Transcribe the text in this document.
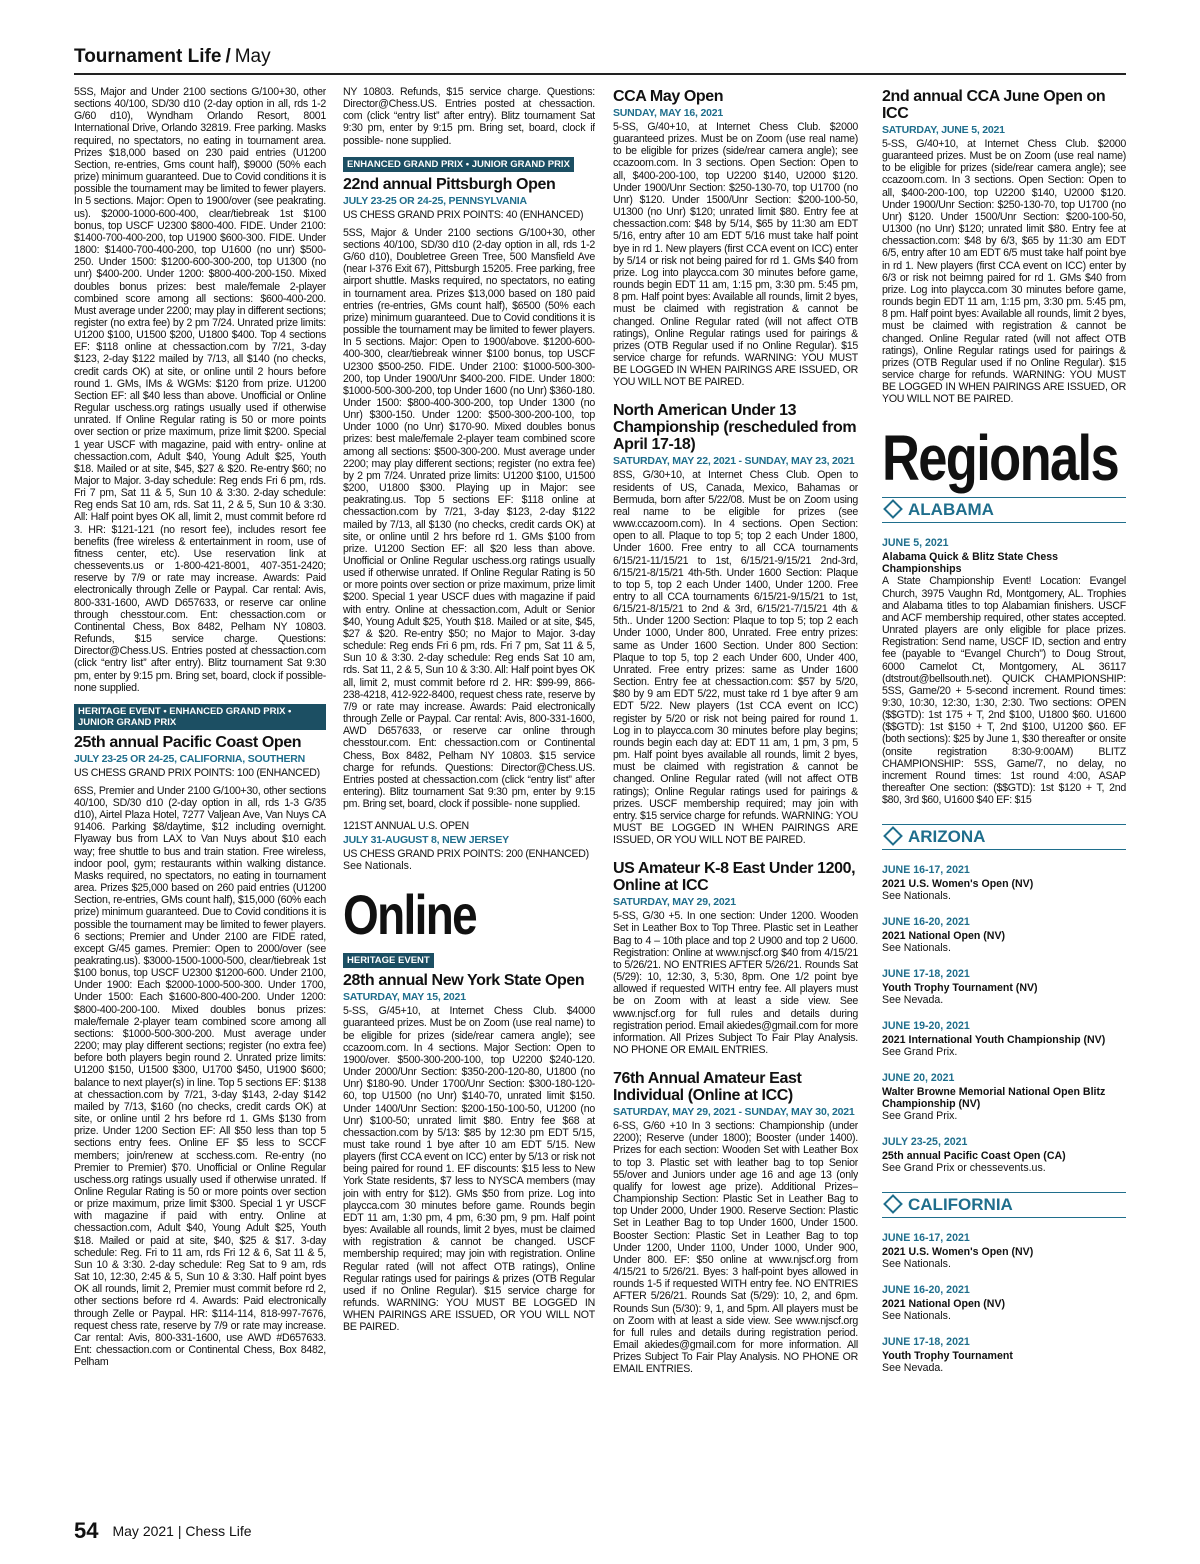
Tournament Life / May

5SS, Major and Under 2100 sections G/100+30, other sections 40/100, SD/30 d10 (2-day option in all, rds 1-2 G/60 d10), Wyndham Orlando Resort, 8001 International Drive, Orlando 32819. Free parking. Masks required, no spectators, no eating in tournament area. Prizes $18,000 based on 230 paid entries (U1200 Section, re-entries, Gms count half), $9000 (50% each prize) minimum guaranteed. Due to Covid conditions it is possible the tournament may be limited to fewer players. In 5 sections. Major: Open to 1900/over (see peakrating. us). $2000-1000-600-400, clear/tiebreak 1st $100 bonus, top USCF U2300 $800-400. FIDE. Under 2100: $1400-700-400-200, top U1900 $600-300. FIDE. Under 1800: $1400-700-400-200, top U1600 (no unr) $500-250. Under 1500: $1200-600-300-200, top U1300 (no unr) $400-200. Under 1200: $800-400-200-150. Mixed doubles bonus prizes: best male/female 2-player combined score among all sections: $600-400-200. Must average under 2200; may play in different sections; register (no extra fee) by 2 pm 7/24. Unrated prize limits: U1200 $100, U1500 $200, U1800 $400. Top 4 sections EF: $118 online at chessaction.com by 7/21, 3-day $123, 2-day $122 mailed by 7/13, all $140 (no checks, credit cards OK) at site, or online until 2 hours before round 1. GMs, IMs & WGMs: $120 from prize. U1200 Section EF: all $40 less than above. Unofficial or Online Regular uschess.org ratings usually used if otherwise unrated. If Online Regular rating is 50 or more points over section or prize maximum, prize limit $200. Special 1 year USCF with magazine, paid with entry- online at chessaction.com, Adult $40, Young Adult $25, Youth $18. Mailed or at site, $45, $27 & $20. Re-entry $60; no Major to Major. 3-day schedule: Reg ends Fri 6 pm, rds. Fri 7 pm, Sat 11 & 5, Sun 10 & 3:30. 2-day schedule: Reg ends Sat 10 am, rds. Sat 11, 2 & 5, Sun 10 & 3:30. All: Half point byes OK all, limit 2, must commit before rd 3. HR: $121-121 (no resort fee), includes resort fee benefits (free wireless & entertainment in room, use of fitness center, etc). Use reservation link at chessevents.us or 1-800-421-8001, 407-351-2420; reserve by 7/9 or rate may increase. Awards: Paid electronically through Zelle or Paypal. Car rental: Avis, 800-331-1600, AWD D657633, or reserve car online through chesstour.com. Ent: chessaction.com or Continental Chess, Box 8482, Pelham NY 10803. Refunds, $15 service charge. Questions: Director@Chess.US. Entries posted at chessaction.com (click “entry list” after entry). Blitz tournament Sat 9:30 pm, enter by 9:15 pm. Bring set, board, clock if possible-none supplied.

HERITAGE EVENT • ENHANCED GRAND PRIX • JUNIOR GRAND PRIX
25th annual Pacific Coast Open
JULY 23-25 OR 24-25, CALIFORNIA, SOUTHERN
US CHESS GRAND PRIX POINTS: 100 (ENHANCED)

6SS, Premier and Under 2100 G/100+30, other sections 40/100, SD/30 d10 (2-day option in all, rds 1-3 G/35 d10), Airtel Plaza Hotel, 7277 Valjean Ave, Van Nuys CA 91406. Parking $8/daytime, $12 including overnight. Flyaway bus from LAX to Van Nuys about $10 each way; free shuttle to bus and train station. Free wireless, indoor pool, gym; restaurants within walking distance. Masks required, no spectators, no eating in tournament area. Prizes $25,000 based on 260 paid entries (U1200 Section, re-entries, GMs count half), $15,000 (60% each prize) minimum guaranteed. Due to Covid conditions it is possible the tournament may be limited to fewer players. 6 sections; Premier and Under 2100 are FIDE rated, except G/45 games. Premier: Open to 2000/over (see peakrating.us). $3000-1500-1000-500, clear/tiebreak 1st $100 bonus, top USCF U2300 $1200-600. Under 2100, Under 1900: Each $2000-1000-500-300. Under 1700, Under 1500: Each $1600-800-400-200. Under 1200: $800-400-200-100. Mixed doubles bonus prizes: male/female 2-player team combined score among all sections: $1000-500-300-200. Must average under 2200; may play different sections; register (no extra fee) before both players begin round 2. Unrated prize limits: U1200 $150, U1500 $300, U1700 $450, U1900 $600; balance to next player(s) in line. Top 5 sections EF: $138 at chessaction.com by 7/21, 3-day $143, 2-day $142 mailed by 7/13, $160 (no checks, credit cards OK) at site, or online until 2 hrs before rd 1. GMs $130 from prize. Under 1200 Section EF: All $50 less than top 5 sections entry fees. Online EF $5 less to SCCF members; join/renew at scchess.com. Re-entry (no Premier to Premier) $70. Unofficial or Online Regular uschess.org ratings usually used if otherwise unrated. If Online Regular Rating is 50 or more points over section or prize maximum, prize limit $300. Special 1 yr USCF with magazine if paid with entry. Online at chessaction.com, Adult $40, Young Adult $25, Youth $18. Mailed or paid at site, $40, $25 & $17. 3-day schedule: Reg. Fri to 11 am, rds Fri 12 & 6, Sat 11 & 5, Sun 10 & 3:30. 2-day schedule: Reg Sat to 9 am, rds Sat 10, 12:30, 2:45 & 5, Sun 10 & 3:30. Half point byes OK all rounds, limit 2, Premier must commit before rd 2, other sections before rd 4. Awards: Paid electronically through Zelle or Paypal. HR: $114-114, 818-997-7676, request chess rate, reserve by 7/9 or rate may increase. Car rental: Avis, 800-331-1600, use AWD #D657633. Ent: chessaction.com or Continental Chess, Box 8482, Pelham

NY 10803. Refunds, $15 service charge. Questions: Director@Chess.US. Entries posted at chessaction. com (click “entry list” after entry). Blitz tournament Sat 9:30 pm, enter by 9:15 pm. Bring set, board, clock if possible- none supplied.

ENHANCED GRAND PRIX • JUNIOR GRAND PRIX
22nd annual Pittsburgh Open
JULY 23-25 OR 24-25, PENNSYLVANIA
US CHESS GRAND PRIX POINTS: 40 (ENHANCED)

5SS, Major & Under 2100 sections G/100+30, other sections 40/100, SD/30 d10 (2-day option in all, rds 1-2 G/60 d10), Doubletree Green Tree, 500 Mansfield Ave (near I-376 Exit 67), Pittsburgh 15205. Free parking, free airport shuttle. Masks required, no spectators, no eating in tournament area. Prizes $13,000 based on 180 paid entries (re-entries, GMs count half), $6500 (50% each prize) minimum guaranteed. Due to Covid conditions it is possible the tournament may be limited to fewer players. In 5 sections. Major: Open to 1900/above. $1200-600-400-300, clear/tiebreak winner $100 bonus, top USCF U2300 $500-250. FIDE. Under 2100: $1000-500-300-200, top Under 1900/Unr $400-200. FIDE. Under 1800: $1000-500-300-200, top Under 1600 (no Unr) $360-180. Under 1500: $800-400-300-200, top Under 1300 (no Unr) $300-150. Under 1200: $500-300-200-100, top Under 1000 (no Unr) $170-90. Mixed doubles bonus prizes: best male/female 2-player team combined score among all sections: $500-300-200. Must average under 2200; may play different sections; register (no extra fee) by 2 pm 7/24. Unrated prize limits: U1200 $100, U1500 $200, U1800 $300. Playing up in Major: see peakrating.us. Top 5 sections EF: $118 online at chessaction.com by 7/21, 3-day $123, 2-day $122 mailed by 7/13, all $130 (no checks, credit cards OK) at site, or online until 2 hrs before rd 1. GMs $100 from prize. U1200 Section EF: all $20 less than above. Unofficial or Online Regular uschess.org ratings usually used if otherwise unrated. If Online Regular Rating is 50 or more points over section or prize maximum, prize limit $200. Special 1 year USCF dues with magazine if paid with entry. Online at chessaction.com, Adult or Senior $40, Young Adult $25, Youth $18. Mailed or at site, $45, $27 & $20. Re-entry $50; no Major to Major. 3-day schedule: Reg ends Fri 6 pm, rds. Fri 7 pm, Sat 11 & 5, Sun 10 & 3:30. 2-day schedule: Reg ends Sat 10 am, rds. Sat 11, 2 & 5, Sun 10 & 3:30. All: Half point byes OK all, limit 2, must commit before rd 2. HR: $99-99, 866-238-4218, 412-922-8400, request chess rate, reserve by 7/9 or rate may increase. Awards: Paid electronically through Zelle or Paypal. Car rental: Avis, 800-331-1600, AWD D657633, or reserve car online through chesstour.com. Ent: chessaction.com or Continental Chess, Box 8482, Pelham NY 10803. $15 service charge for refunds. Questions: Director@Chess.US. Entries posted at chessaction.com (click “entry list” after entering). Blitz tournament Sat 9:30 pm, enter by 9:15 pm. Bring set, board, clock if possible- none supplied.

121ST ANNUAL U.S. OPEN
JULY 31-AUGUST 8, NEW JERSEY
US CHESS GRAND PRIX POINTS: 200 (ENHANCED)
See Nationals.
Online
HERITAGE EVENT
28th annual New York State Open
SATURDAY, MAY 15, 2021

5-SS, G/45+10, at Internet Chess Club. $4000 guaranteed prizes. Must be on Zoom (use real name) to be eligible for prizes (side/rear camera angle); see ccazoom.com. In 4 sections. Major Section: Open to 1900/over. $500-300-200-100, top U2200 $240-120. Under 2000/Unr Section: $350-200-120-80, U1800 (no Unr) $180-90. Under 1700/Unr Section: $300-180-120-60, top U1500 (no Unr) $140-70, unrated limit $150. Under 1400/Unr Section: $200-150-100-50, U1200 (no Unr) $100-50; unrated limit $80. Entry fee $68 at chessaction.com by 5/13: $85 by 12:30 pm EDT 5/15, must take round 1 bye after 10 am EDT 5/15. New players (first CCA event on ICC) enter by 5/13 or risk not being paired for round 1. EF discounts: $15 less to New York State residents, $7 less to NYSCA members (may join with entry for $12). GMs $50 from prize. Log into playcca.com 30 minutes before game. Rounds begin EDT 11 am, 1:30 pm, 4 pm, 6:30 pm, 9 pm. Half point byes: Available all rounds, limit 2 byes, must be claimed with registration & cannot be changed. USCF membership required; may join with registration. Online Regular rated (will not affect OTB ratings), Online Regular ratings used for pairings & prizes (OTB Regular used if no Online Regular). $15 service charge for refunds. WARNING: YOU MUST BE LOGGED IN WHEN PAIRINGS ARE ISSUED, OR YOU WILL NOT BE PAIRED.

CCA May Open
SUNDAY, MAY 16, 2021

5-SS, G/40+10, at Internet Chess Club. $2000 guaranteed prizes. Must be on Zoom (use real name) to be eligible for prizes (side/rear camera angle); see ccazoom.com. In 3 sections. Open Section: Open to all, $400-200-100, top U2200 $140, U2000 $120. Under 1900/Unr Section: $250-130-70, top U1700 (no Unr) $120. Under 1500/Unr Section: $200-100-50, U1300 (no Unr) $120; unrated limit $80. Entry fee at chessaction.com: $48 by 5/14, $65 by 11:30 am EDT 5/16, entry after 10 am EDT 5/16 must take half point bye in rd 1. New players (first CCA event on ICC) enter by 5/14 or risk not being paired for rd 1. GMs $40 from prize. Log into playcca.com 30 minutes before game, rounds begin EDT 11 am, 1:15 pm, 3:30 pm. 5:45 pm, 8 pm. Half point byes: Available all rounds, limit 2 byes, must be claimed with registration & cannot be changed. Online Regular rated (will not affect OTB ratings), Online Regular ratings used for pairings & prizes (OTB Regular used if no Online Regular). $15 service charge for refunds. WARNING: YOU MUST BE LOGGED IN WHEN PAIRINGS ARE ISSUED, OR YOU WILL NOT BE PAIRED.

North American Under 13 Championship (rescheduled from April 17-18)
SATURDAY, MAY 22, 2021 - SUNDAY, MAY 23, 2021

8SS, G/30+10, at Internet Chess Club. Open to residents of US, Canada, Mexico, Bahamas or Bermuda, born after 5/22/08. Must be on Zoom using real name to be eligible for prizes (see www.ccazoom.com). In 4 sections. Open Section: open to all. Plaque to top 5; top 2 each Under 1800, Under 1600. Free entry to all CCA tournaments 6/15/21-11/15/21 to 1st, 6/15/21-9/15/21 2nd-3rd, 6/15/21-8/15/21 4th-5th. Under 1600 Section: Plaque to top 5, top 2 each Under 1400, Under 1200. Free entry to all CCA tournaments 6/15/21-9/15/21 to 1st, 6/15/21-8/15/21 to 2nd & 3rd, 6/15/21-7/15/21 4th & 5th.. Under 1200 Section: Plaque to top 5; top 2 each Under 1000, Under 800, Unrated. Free entry prizes: same as Under 1600 Section. Under 800 Section: Plaque to top 5, top 2 each Under 600, Under 400, Unrated. Free entry prizes: same as Under 1600 Section. Entry fee at chessaction.com: $57 by 5/20, $80 by 9 am EDT 5/22, must take rd 1 bye after 9 am EDT 5/22. New players (1st CCA event on ICC) register by 5/20 or risk not being paired for round 1. Log in to playcca.com 30 minutes before play begins; rounds begin each day at: EDT 11 am, 1 pm, 3 pm, 5 pm. Half point byes available all rounds, limit 2 byes, must be claimed with registration & cannot be changed. Online Regular rated (will not affect OTB ratings); Online Regular ratings used for pairings & prizes. USCF membership required; may join with entry. $15 service charge for refunds. WARNING: YOU MUST BE LOGGED IN WHEN PAIRINGS ARE ISSUED, OR YOU WILL NOT BE PAIRED.

US Amateur K-8 East Under 1200, Online at ICC
SATURDAY, MAY 29, 2021

5-SS, G/30 +5. In one section: Under 1200. Wooden Set in Leather Box to Top Three. Plastic set in Leather Bag to 4 – 10th place and top 2 U900 and top 2 U600. Registration: Online at www.njscf.org $40 from 4/15/21 to 5/26/21. NO ENTRIES AFTER 5/26/21. Rounds Sat (5/29): 10, 12:30, 3, 5:30, 8pm. One 1/2 point bye allowed if requested WITH entry fee. All players must be on Zoom with at least a side view. See www.njscf.org for full rules and details during registration period. Email akiedes@gmail.com for more information. All Prizes Subject To Fair Play Analysis. NO PHONE OR EMAIL ENTRIES.

76th Annual Amateur East Individual (Online at ICC)
SATURDAY, MAY 29, 2021 - SUNDAY, MAY 30, 2021

6-SS, G/60 +10 In 3 sections: Championship (under 2200); Reserve (under 1800); Booster (under 1400). Prizes for each section: Wooden Set with Leather Box to top 3. Plastic set with leather bag to top Senior 55/over and Juniors under age 16 and age 13 (only qualify for lowest age prize). Additional Prizes–Championship Section: Plastic Set in Leather Bag to top Under 2000, Under 1900. Reserve Section: Plastic Set in Leather Bag to top Under 1600, Under 1500. Booster Section: Plastic Set in Leather Bag to top Under 1200, Under 1100, Under 1000, Under 900, Under 800. EF: $50 online at www.njscf.org from 4/15/21 to 5/26/21. Byes: 3 half-point byes allowed in rounds 1-5 if requested WITH entry fee. NO ENTRIES AFTER 5/26/21. Rounds Sat (5/29): 10, 2, and 6pm. Rounds Sun (5/30): 9, 1, and 5pm. All players must be on Zoom with at least a side view. See www.njscf.org for full rules and details during registration period. Email akiedes@gmail.com for more information. All Prizes Subject To Fair Play Analysis. NO PHONE OR EMAIL ENTRIES.

2nd annual CCA June Open on ICC
SATURDAY, JUNE 5, 2021

5-SS, G/40+10, at Internet Chess Club. $2000 guaranteed prizes. Must be on Zoom (use real name) to be eligible for prizes (side/rear camera angle); see ccazoom.com. In 3 sections. Open Section: Open to all, $400-200-100, top U2200 $140, U2000 $120. Under 1900/Unr Section: $250-130-70, top U1700 (no Unr) $120. Under 1500/Unr Section: $200-100-50, U1300 (no Unr) $120; unrated limit $80. Entry fee at chessaction.com: $48 by 6/3, $65 by 11:30 am EDT 6/5, entry after 10 am EDT 6/5 must take half point bye in rd 1. New players (first CCA event on ICC) enter by 6/3 or risk not beimng paired for rd 1. GMs $40 from prize. Log into playcca.com 30 minutes before game, rounds begin EDT 11 am, 1:15 pm, 3:30 pm. 5:45 pm, 8 pm. Half point byes: Available all rounds, limit 2 byes, must be claimed with registration & cannot be changed. Online Regular rated (will not affect OTB ratings), Online Regular ratings used for pairings & prizes (OTB Regular used if no Online Regular). $15 service charge for refunds. WARNING: YOU MUST BE LOGGED IN WHEN PAIRINGS ARE ISSUED, OR YOU WILL NOT BE PAIRED.

Regionals
ALABAMA
JUNE 5, 2021
Alabama Quick & Blitz State Chess Championships

A State Championship Event! Location: Evangel Church, 3975 Vaughn Rd, Montgomery, AL. Trophies and Alabama titles to top Alabamian finishers. USCF and ACF membership required, other states accepted. Unrated players are only eligible for place prizes. Registration: Send name, USCF ID, section and entry fee (payable to “Evangel Church”) to Doug Strout, 6000 Camelot Ct, Montgomery, AL 36117 (dtstrout@bellsouth.net). QUICK CHAMPIONSHIP: 5SS, Game/20 + 5-second increment. Round times: 9:30, 10:30, 12:30, 1:30, 2:30. Two sections: OPEN ($$GTD): 1st 175 + T, 2nd $100, U1800 $60. U1600 ($$GTD): 1st $150 + T, 2nd $100, U1200 $60. EF (both sections): $25 by June 1, $30 thereafter or onsite (onsite registration 8:30-9:00AM) BLITZ CHAMPIONSHIP: 5SS, Game/7, no delay, no increment Round times: 1st round 4:00, ASAP thereafter One section: ($$GTD): 1st $120 + T, 2nd $80, 3rd $60, U1600 $40 EF: $15

ARIZONA
JUNE 16-17, 2021
2021 U.S. Women's Open (NV)
See Nationals.
JUNE 16-20, 2021
2021 National Open (NV)
See Nationals.
JUNE 17-18, 2021
Youth Trophy Tournament (NV)
See Nevada.
JUNE 19-20, 2021
2021 International Youth Championship (NV)
See Grand Prix.
JUNE 20, 2021
Walter Browne Memorial National Open Blitz Championship (NV)
See Grand Prix.
JULY 23-25, 2021
25th annual Pacific Coast Open (CA)
See Grand Prix or chessevents.us.
CALIFORNIA
JUNE 16-17, 2021
2021 U.S. Women's Open (NV)
See Nationals.
JUNE 16-20, 2021
2021 National Open (NV)
See Nationals.
JUNE 17-18, 2021
Youth Trophy Tournament
See Nevada.
54 May 2021 | Chess Life
